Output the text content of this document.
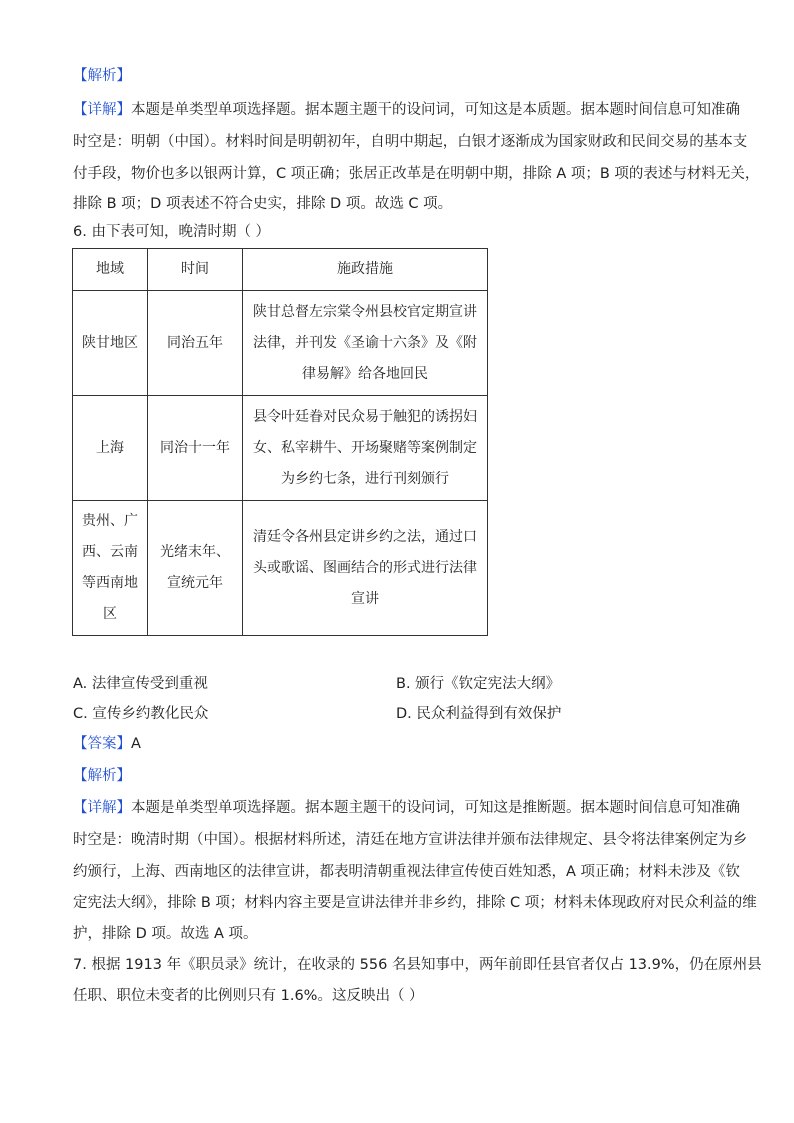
【解析】
【详解】本题是单类型单项选择题。据本题主题干的设问词，可知这是本质题。据本题时间信息可知准确
时空是：明朝（中国）。材料时间是明朝初年，自明中期起，白银才逐渐成为国家财政和民间交易的基本支
付手段，物价也多以银两计算，C 项正确；张居正改革是在明朝中期，排除 A 项；B 项的表述与材料无关，
排除 B 项；D 项表述不符合史实，排除 D 项。故选 C 项。
6. 由下表可知，晚清时期（ ）
地域	时间	施政措施
陕甘地区	同治五年	陕甘总督左宗棠令州县校官定期宣讲法律，并刊发《圣谕十六条》及《附律易解》给各地回民
上海	同治十一年	县令叶廷眷对民众易于触犯的诱拐妇女、私宰耕牛、开场聚赌等案例制定为乡约七条，进行刊刻颁行
贵州、广西、云南等西南地区	光绪末年、宣统元年	清廷令各州县定讲乡约之法，通过口头或歌谣、图画结合的形式进行法律宣讲
A. 法律宣传受到重视	B. 颁行《钦定宪法大纲》
C. 宣传乡约教化民众	D. 民众利益得到有效保护
【答案】A
【解析】
【详解】本题是单类型单项选择题。据本题主题干的设问词，可知这是推断题。据本题时间信息可知准确
时空是：晚清时期（中国）。根据材料所述，清廷在地方宣讲法律并颁布法律规定、县令将法律案例定为乡
约颁行，上海、西南地区的法律宣讲，都表明清朝重视法律宣传使百姓知悉，A 项正确；材料未涉及《钦
定宪法大纲》，排除 B 项；材料内容主要是宣讲法律并非乡约，排除 C 项；材料未体现政府对民众利益的维
护，排除 D 项。故选 A 项。
7. 根据 1913 年《职员录》统计，在收录的 556 名县知事中，两年前即任县官者仅占 13.9%，仍在原州县
任职、职位未变者的比例则只有 1.6%。这反映出（ ）
